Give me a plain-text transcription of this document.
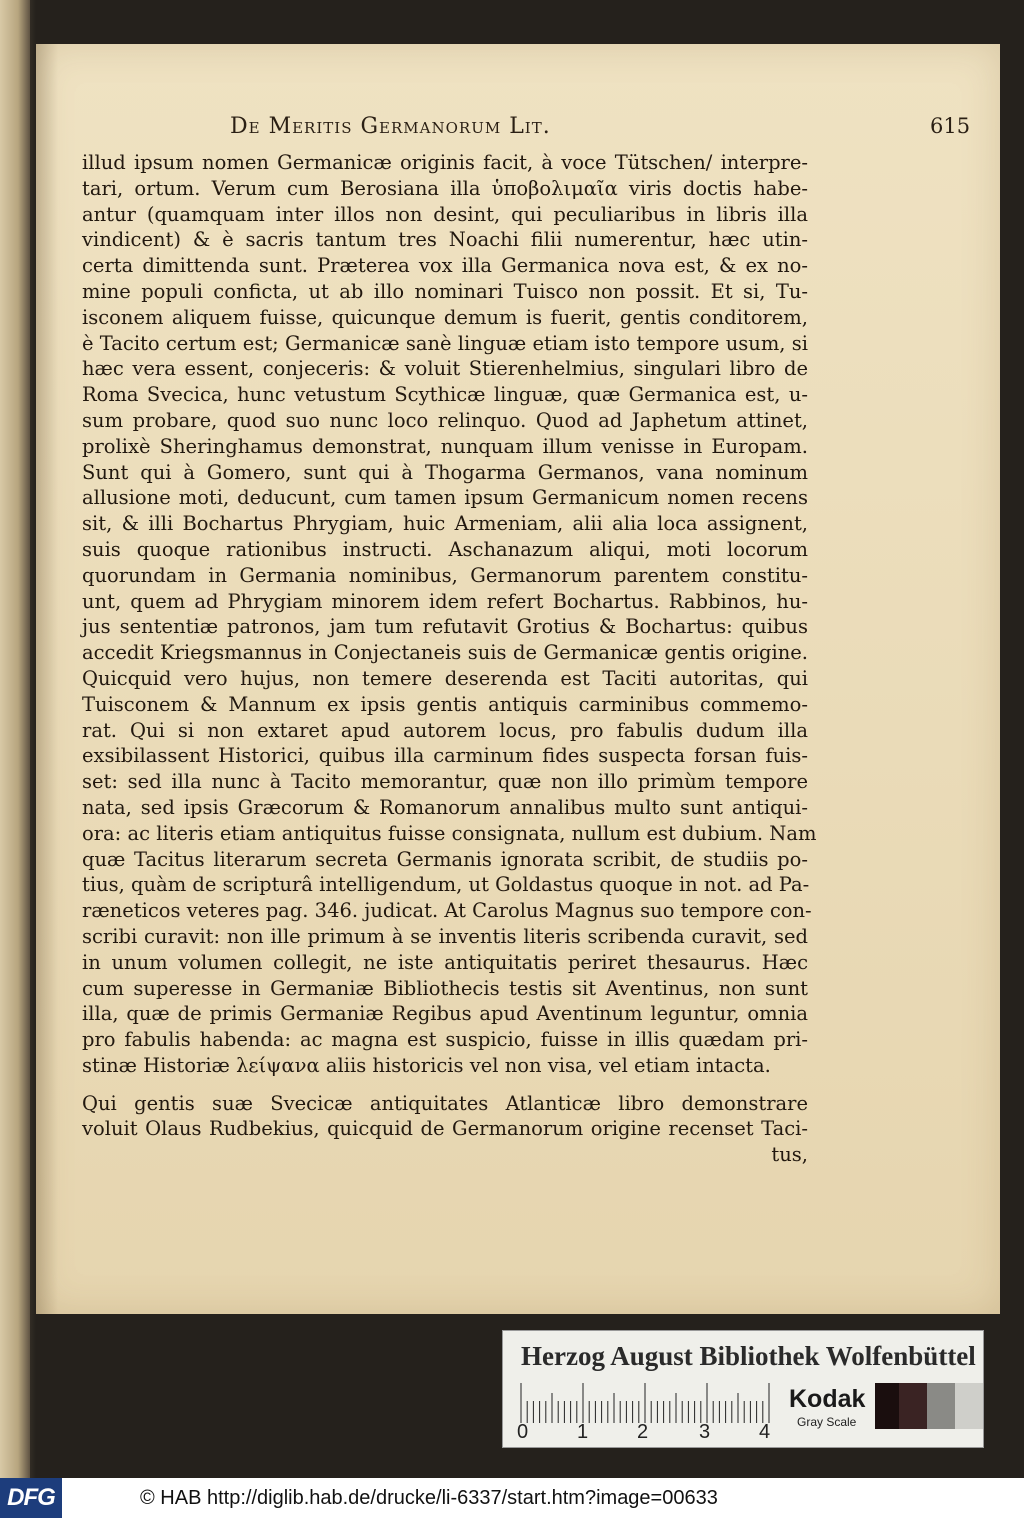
De Meritis Germanorum Lit.	615

illud ipsum nomen Germanicæ originis facit, à voce Tütschen/ interpre-
tari, ortum. Verum cum Berosiana illa ὑποβολιμαῖα viris doctis habe-
antur (quamquam inter illos non desint, qui peculiaribus in libris illa
vindicent) & è sacris tantum tres Noachi filii numerentur, hæc utin-
certa dimittenda sunt. Præterea vox illa Germanica nova est, & ex no-
mine populi conficta, ut ab illo nominari Tuisco non possit. Et si, Tu-
isconem aliquem fuisse, quicunque demum is fuerit, gentis conditorem,
è Tacito certum est; Germanicæ sanè linguæ etiam isto tempore usum, si
hæc vera essent, conjeceris: & voluit Stierenhelmius, singulari libro de
Roma Svecica, hunc vetustum Scythicæ linguæ, quæ Germanica est, u-
sum probare, quod suo nunc loco relinquo. Quod ad Japhetum attinet,
prolixè Sheringhamus demonstrat, nunquam illum venisse in Europam.
Sunt qui à Gomero, sunt qui à Thogarma Germanos, vana nominum
allusione moti, deducunt, cum tamen ipsum Germanicum nomen recens
sit, & illi Bochartus Phrygiam, huic Armeniam, alii alia loca assignent,
suis quoque rationibus instructi. Aschanazum aliqui, moti locorum
quorundam in Germania nominibus, Germanorum parentem constitu-
unt, quem ad Phrygiam minorem idem refert Bochartus. Rabbinos, hu-
jus sententiæ patronos, jam tum refutavit Grotius & Bochartus: quibus
accedit Kriegsmannus in Conjectaneis suis de Germanicæ gentis origine.
Quicquid vero hujus, non temere deserenda est Taciti autoritas, qui
Tuisconem & Mannum ex ipsis gentis antiquis carminibus commemo-
rat. Qui si non extaret apud autorem locus, pro fabulis dudum illa
exsibilassent Historici, quibus illa carminum fides suspecta forsan fuis-
set: sed illa nunc à Tacito memorantur, quæ non illo primùm tempore
nata, sed ipsis Græcorum & Romanorum annalibus multo sunt antiqui-
ora: ac literis etiam antiquitus fuisse consignata, nullum est dubium. Nam
quæ Tacitus literarum secreta Germanis ignorata scribit, de studiis po-
tius, quàm de scripturâ intelligendum, ut Goldastus quoque in not. ad Pa-
ræneticos veteres pag. 346. judicat. At Carolus Magnus suo tempore con-
scribi curavit: non ille primum à se inventis literis scribenda curavit, sed
in unum volumen collegit, ne iste antiquitatis periret thesaurus. Hæc
cum superesse in Germaniæ Bibliothecis testis sit Aventinus, non sunt
illa, quæ de primis Germaniæ Regibus apud Aventinum leguntur, omnia
pro fabulis habenda: ac magna est suspicio, fuisse in illis quædam pri-
stinæ Historiæ λείψανα aliis historicis vel non visa, vel etiam intacta.

Qui gentis suæ Svecicæ antiquitates Atlanticæ libro demonstrare
voluit Olaus Rudbekius, quicquid de Germanorum origine recenset Taci-
tus,

Herzog August Bibliothek Wolfenbüttel
0 1 2	3 4
Kodak
Gray Scale
DFG	© HAB http://diglib.hab.de/drucke/li-6337/start.htm?image=00633
